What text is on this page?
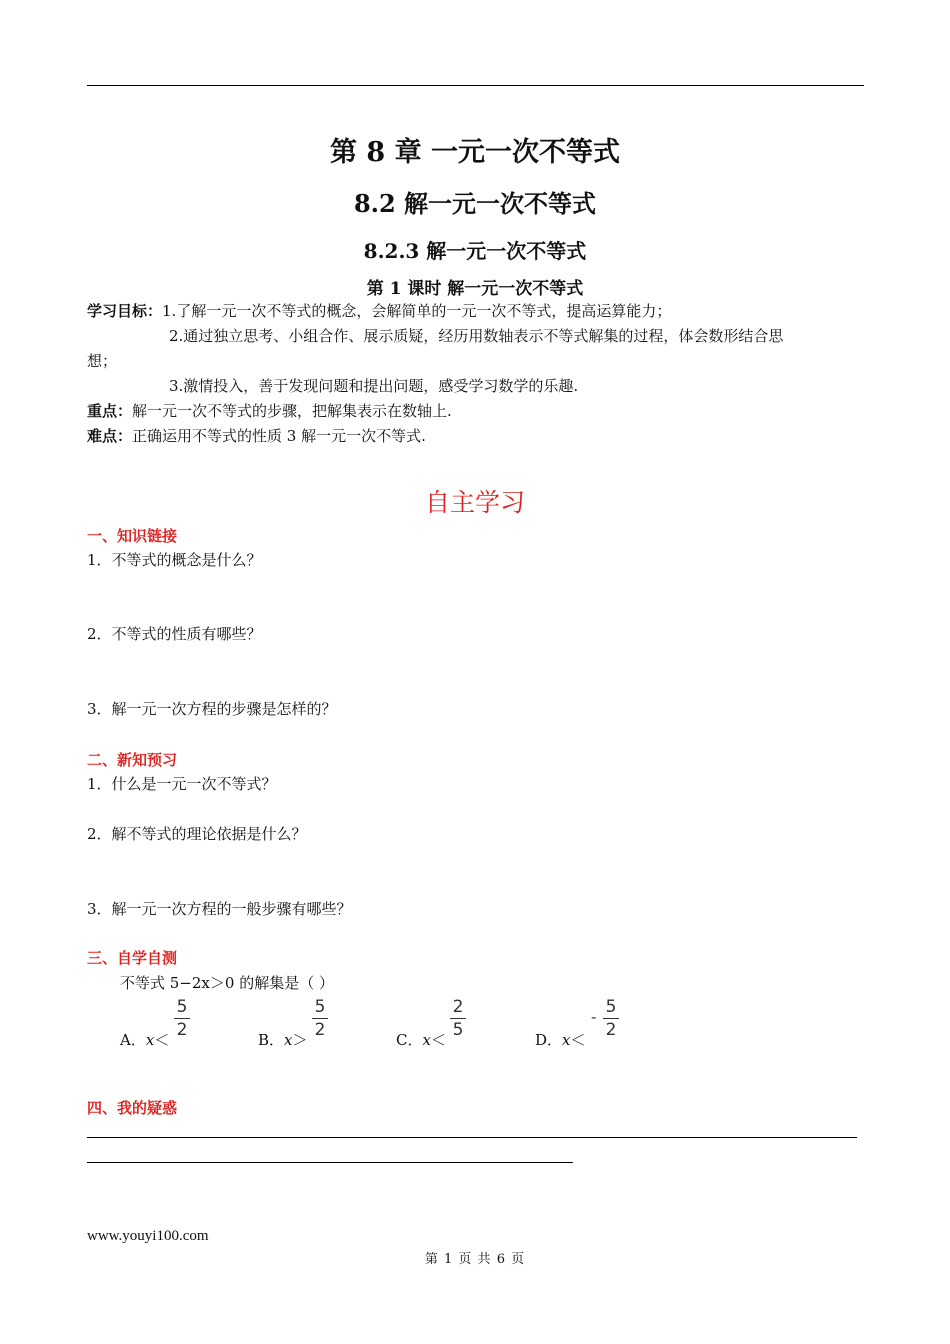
第 8 章 一元一次不等式
8.2 解一元一次不等式
8.2.3 解一元一次不等式
第 1 课时 解一元一次不等式
学习目标：1.了解一元一次不等式的概念，会解简单的一元一次不等式，提高运算能力；
2.通过独立思考、小组合作、展示质疑，经历用数轴表示不等式解集的过程，体会数形结合思
想；
3.激情投入，善于发现问题和提出问题，感受学习数学的乐趣.
重点：解一元一次不等式的步骤，把解集表示在数轴上.
难点：正确运用不等式的性质 3 解一元一次不等式.
自主学习
一、知识链接
1．不等式的概念是什么？
2．不等式的性质有哪些？
3．解一元一次方程的步骤是怎样的？
二、新知预习
1．什么是一元一次不等式？
2．解不等式的理论依据是什么？
3．解一元一次方程的一般步骤有哪些？
三、自学自测
不等式 5−2x＞0 的解集是（ ）
A．x＜
5
2	B．x＞
5
2	C．x＜
2
5	D．x＜
- 5
2
四、我的疑惑
www.youyi100.com
第 1 页 共 6 页
